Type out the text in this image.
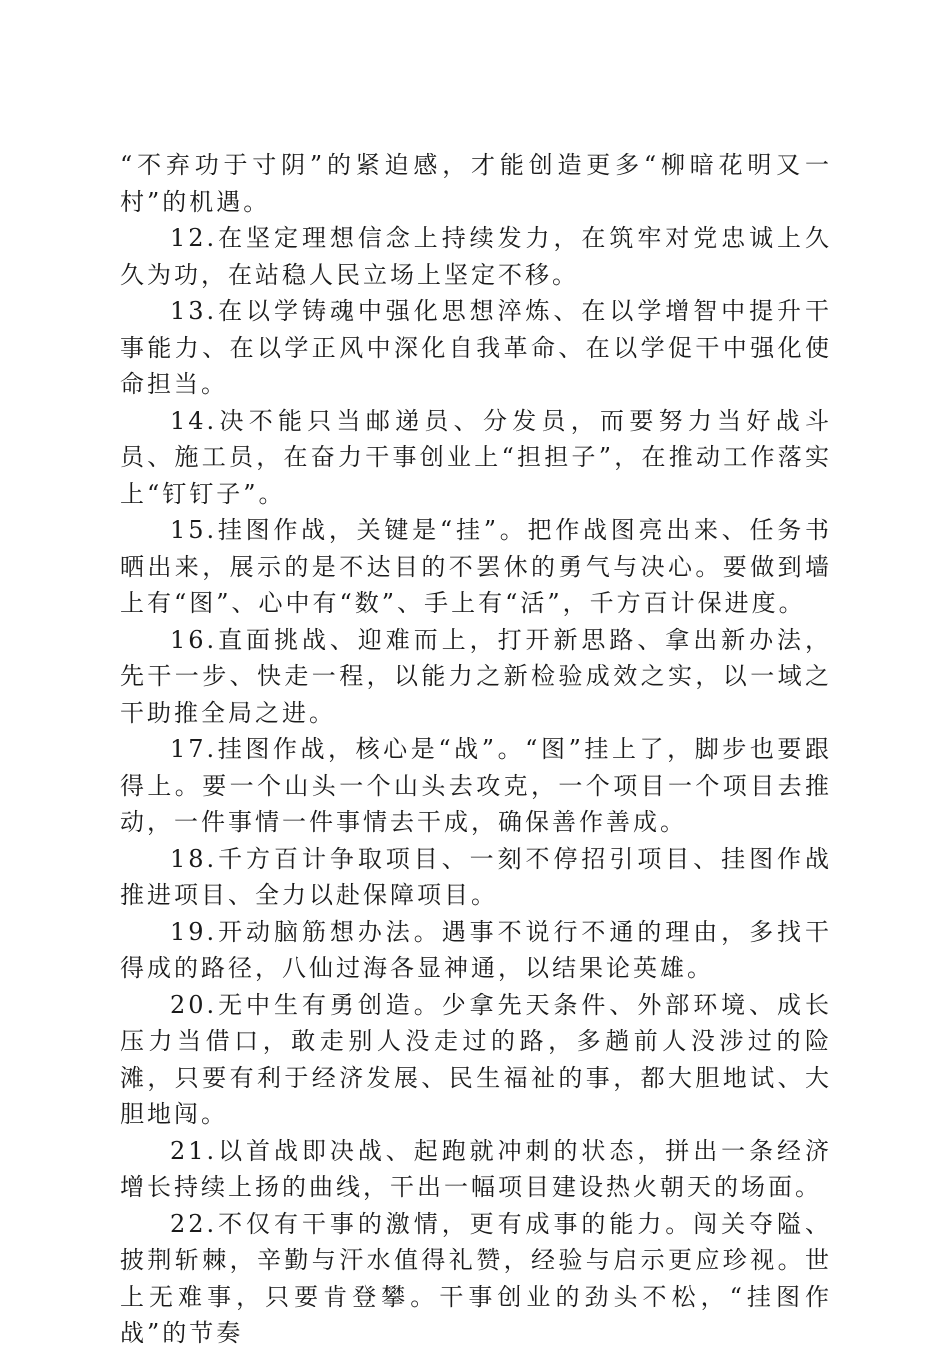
“不弃功于寸阴”的紧迫感，才能创造更多“柳暗花明又一村”的机遇。

12.在坚定理想信念上持续发力，在筑牢对党忠诚上久久为功，在站稳人民立场上坚定不移。

13.在以学铸魂中强化思想淬炼、在以学增智中提升干事能力、在以学正风中深化自我革命、在以学促干中强化使命担当。

14.决不能只当邮递员、分发员，而要努力当好战斗员、施工员，在奋力干事创业上“担担子”，在推动工作落实上“钉钉子”。

15.挂图作战，关键是“挂”。把作战图亮出来、任务书晒出来，展示的是不达目的不罢休的勇气与决心。要做到墙上有“图”、心中有“数”、手上有“活”，千方百计保进度。

16.直面挑战、迎难而上，打开新思路、拿出新办法，先干一步、快走一程，以能力之新检验成效之实，以一域之干助推全局之进。

17.挂图作战，核心是“战”。“图”挂上了，脚步也要跟得上。要一个山头一个山头去攻克，一个项目一个项目去推动，一件事情一件事情去干成，确保善作善成。

18.千方百计争取项目、一刻不停招引项目、挂图作战推进项目、全力以赴保障项目。

19.开动脑筋想办法。遇事不说行不通的理由，多找干得成的路径，八仙过海各显神通，以结果论英雄。

20.无中生有勇创造。少拿先天条件、外部环境、成长压力当借口，敢走别人没走过的路，多趟前人没涉过的险滩，只要有利于经济发展、民生福祉的事，都大胆地试、大胆地闯。

21.以首战即决战、起跑就冲刺的状态，拼出一条经济增长持续上扬的曲线，干出一幅项目建设热火朝天的场面。

22.不仅有干事的激情，更有成事的能力。闯关夺隘、披荆斩棘，辛勤与汗水值得礼赞，经验与启示更应珍视。世上无难事，只要肯登攀。干事创业的劲头不松，“挂图作战”的节奏
